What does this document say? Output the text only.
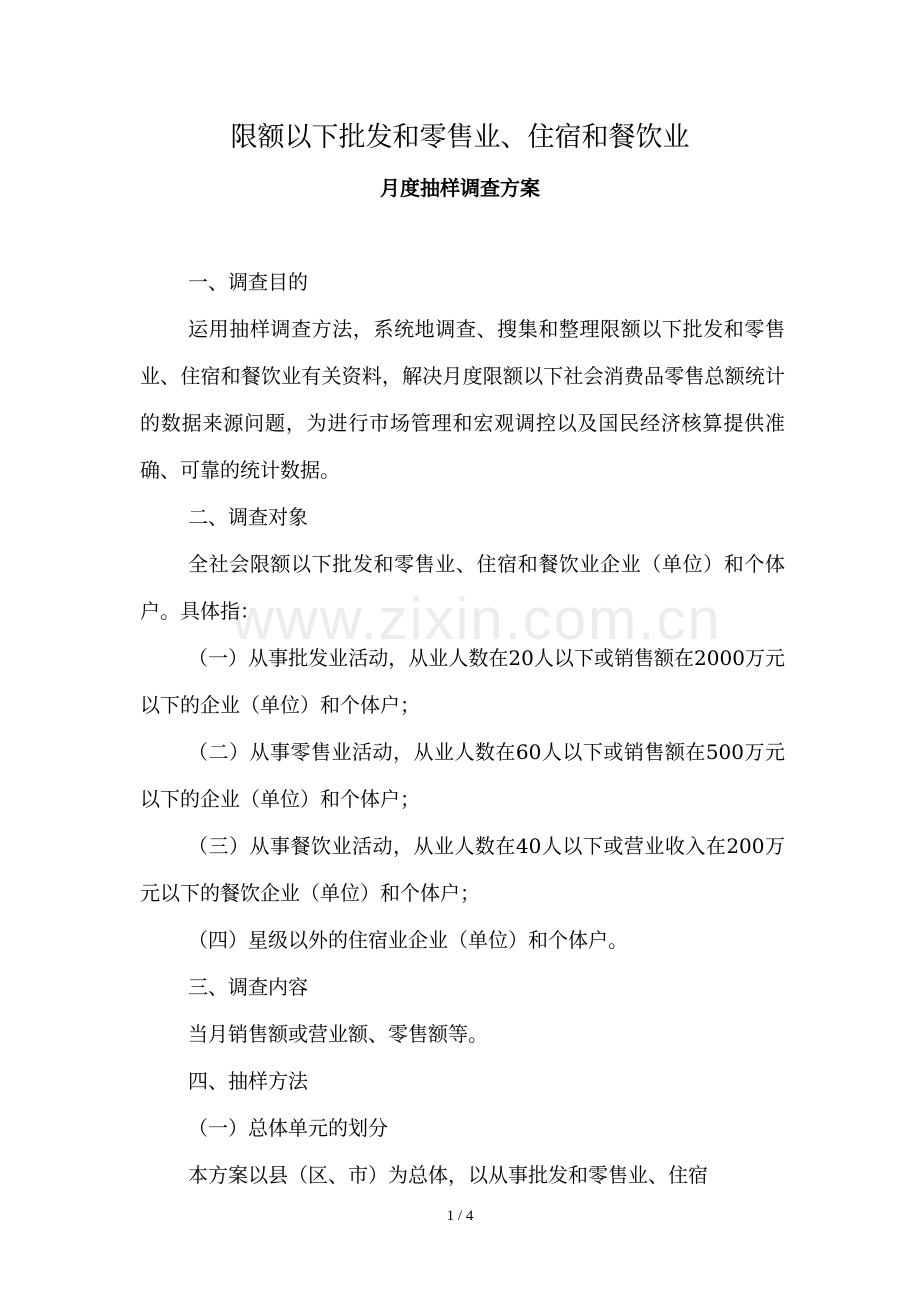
限额以下批发和零售业、住宿和餐饮业
月度抽样调查方案
www.zixin.com.cn

一、调查目的

运用抽样调查方法，系统地调查、搜集和整理限额以下批发和零售业、住宿和餐饮业有关资料，解决月度限额以下社会消费品零售总额统计的数据来源问题，为进行市场管理和宏观调控以及国民经济核算提供准确、可靠的统计数据。

二、调查对象

全社会限额以下批发和零售业、住宿和餐饮业企业（单位）和个体户。具体指：

（一）从事批发业活动，从业人数在20人以下或销售额在2000万元以下的企业（单位）和个体户；

（二）从事零售业活动，从业人数在60人以下或销售额在500万元以下的企业（单位）和个体户；

（三）从事餐饮业活动，从业人数在40人以下或营业收入在200万元以下的餐饮企业（单位）和个体户；

（四）星级以外的住宿业企业（单位）和个体户。

三、调查内容

当月销售额或营业额、零售额等。

四、抽样方法

（一）总体单元的划分

本方案以县（区、市）为总体，以从事批发和零售业、住宿

1 / 4
